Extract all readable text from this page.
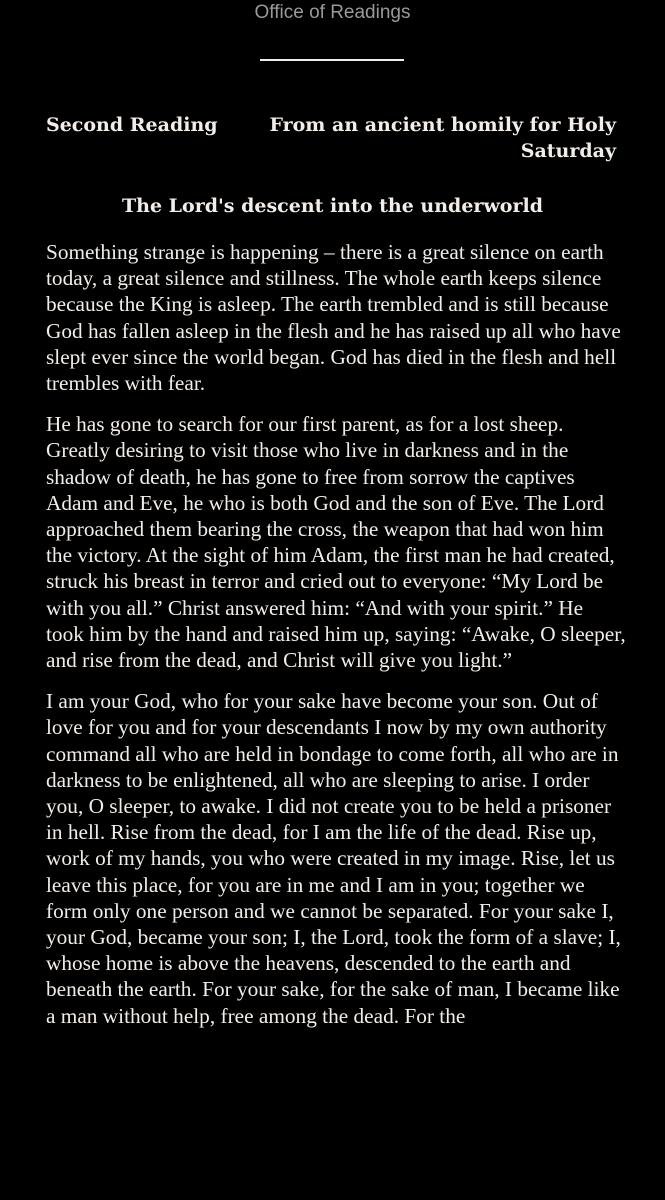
Office of Readings
Second Reading	From an ancient homily for Holy Saturday
The Lord's descent into the underworld

Something strange is happening – there is a great silence on earth today, a great silence and stillness. The whole earth keeps silence because the King is asleep. The earth trembled and is still because God has fallen asleep in the flesh and he has raised up all who have slept ever since the world began. God has died in the flesh and hell trembles with fear.

He has gone to search for our first parent, as for a lost sheep. Greatly desiring to visit those who live in darkness and in the shadow of death, he has gone to free from sorrow the captives Adam and Eve, he who is both God and the son of Eve. The Lord approached them bearing the cross, the weapon that had won him the victory. At the sight of him Adam, the first man he had created, struck his breast in terror and cried out to everyone: “My Lord be with you all.” Christ answered him: “And with your spirit.” He took him by the hand and raised him up, saying: “Awake, O sleeper, and rise from the dead, and Christ will give you light.”

I am your God, who for your sake have become your son. Out of love for you and for your descendants I now by my own authority command all who are held in bondage to come forth, all who are in darkness to be enlightened, all who are sleeping to arise. I order you, O sleeper, to awake. I did not create you to be held a prisoner in hell. Rise from the dead, for I am the life of the dead. Rise up, work of my hands, you who were created in my image. Rise, let us leave this place, for you are in me and I am in you; together we form only one person and we cannot be separated. For your sake I, your God, became your son; I, the Lord, took the form of a slave; I, whose home is above the heavens, descended to the earth and beneath the earth. For your sake, for the sake of man, I became like a man without help, free among the dead. For the
